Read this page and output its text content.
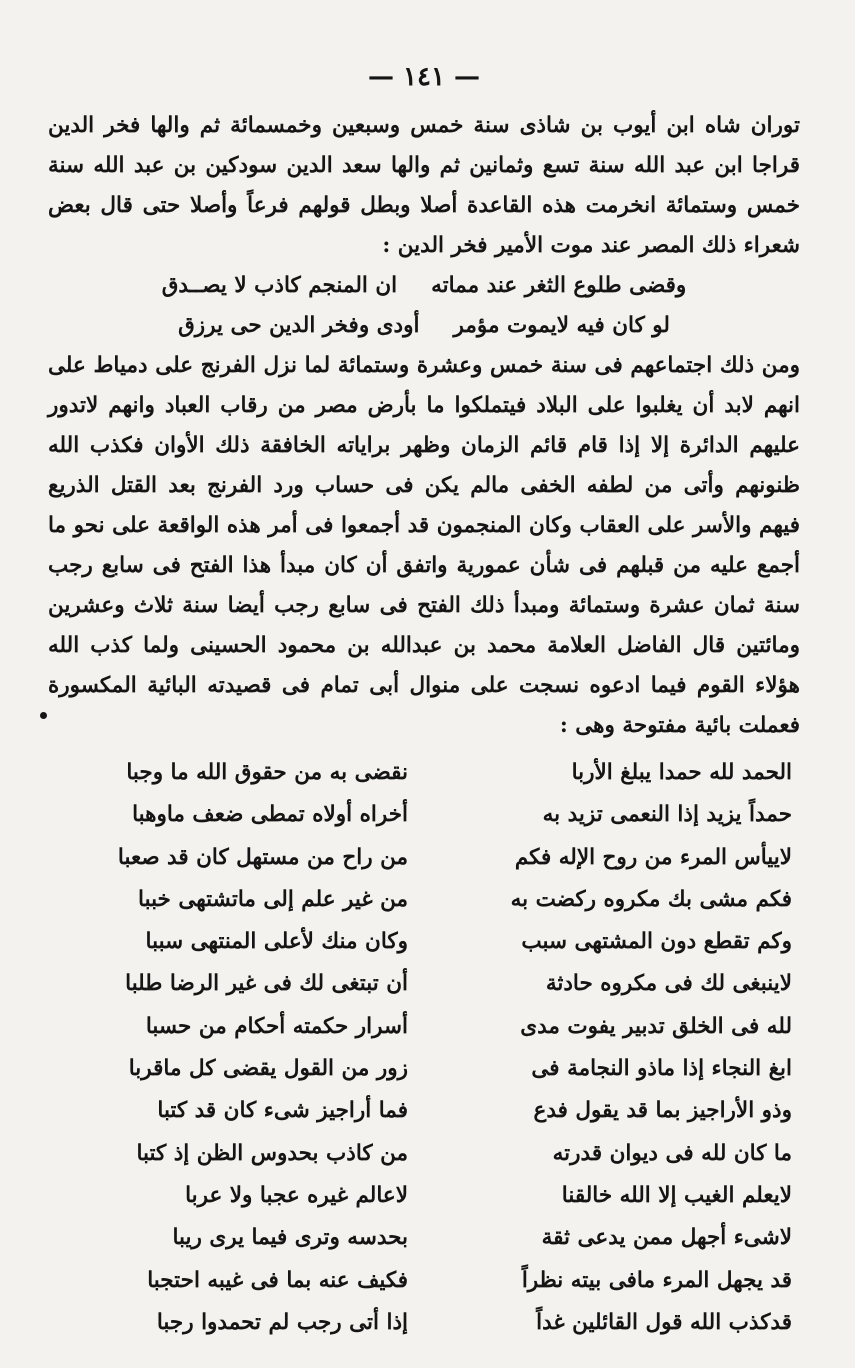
— ١٤١ —

توران شاه ابن أيوب بن شاذى سنة خمس وسبعين وخمسمائة ثم والها فخر الدين قراجا ابن عبد الله سنة تسع وثمانين ثم والها سعد الدين سودكين بن عبد الله سنة خمس وستمائة انخرمت هذه القاعدة أصلا وبطل قولهم فرعاً وأصلا حتى قال بعض شعراء ذلك المصر عند موت الأمير فخر الدين :

وقضى طلوع الثغر عند مماته
ان المنجم كاذب لا يصــدق
لو كان فيه لايموت مؤمر
أودى وفخر الدين حى يرزق

ومن ذلك اجتماعهم فى سنة خمس وعشرة وستمائة لما نزل الفرنج على دمياط على انهم لابد أن يغلبوا على البلاد فيتملكوا ما بأرض مصر من رقاب العباد وانهم لاتدور عليهم الدائرة إلا إذا قام قائم الزمان وظهر براياته الخافقة ذلك الأوان فكذب الله ظنونهم وأتى من لطفه الخفى مالم يكن فى حساب ورد الفرنج بعد القتل الذريع فيهم والأسر على العقاب وكان المنجمون قد أجمعوا فى أمر هذه الواقعة على نحو ما أجمع عليه من قبلهم فى شأن عمورية واتفق أن كان مبدأ هذا الفتح فى سابع رجب سنة ثمان عشرة وستمائة ومبدأ ذلك الفتح فى سابع رجب أيضا سنة ثلاث وعشرين ومائتين قال الفاضل العلامة محمد بن عبدالله بن محمود الحسينى ولما كذب الله هؤلاء القوم فيما ادعوه نسجت على منوال أبى تمام فى قصيدته البائية المكسورة فعملت بائية مفتوحة وهى :

الحمد لله حمدا يبلغ الأربا
نقضى به من حقوق الله ما وجبا
حمداً يزيد إذا النعمى تزيد به
أخراه أولاه تمطى ضعف ماوهبا
لاييأس المرء من روح الإله فكم
من راح من مستهل كان قد صعبا
فكم مشى بك مكروه ركضت به
من غير علم إلى ماتشتهى خببا
وكم تقطع دون المشتهى سبب
وكان منك لأعلى المنتهى سببا
لاينبغى لك فى مكروه حادثة
أن تبتغى لك فى غير الرضا طلبا
لله فى الخلق تدبير يفوت مدى
أسرار حكمته أحكام من حسبا
ابغ النجاء إذا ماذو النجامة فى
زور من القول يقضى كل ماقربا
وذو الأراجيز بما قد يقول فدع
فما أراجيز شىء كان قد كتبا
ما كان لله فى ديوان قدرته
من كاذب بحدوس الظن إذ كتبا
لايعلم الغيب إلا الله خالقنا
لاعالم غيره عجبا ولا عربا
لاشىء أجهل ممن يدعى ثقة
بحدسه وترى فيما يرى ريبا
قد يجهل المرء مافى بيته نظراً
فكيف عنه بما فى غيبه احتجبا
قدكذب الله قول القائلين غداً
إذا أتى رجب لم تحمدوا رجبا
